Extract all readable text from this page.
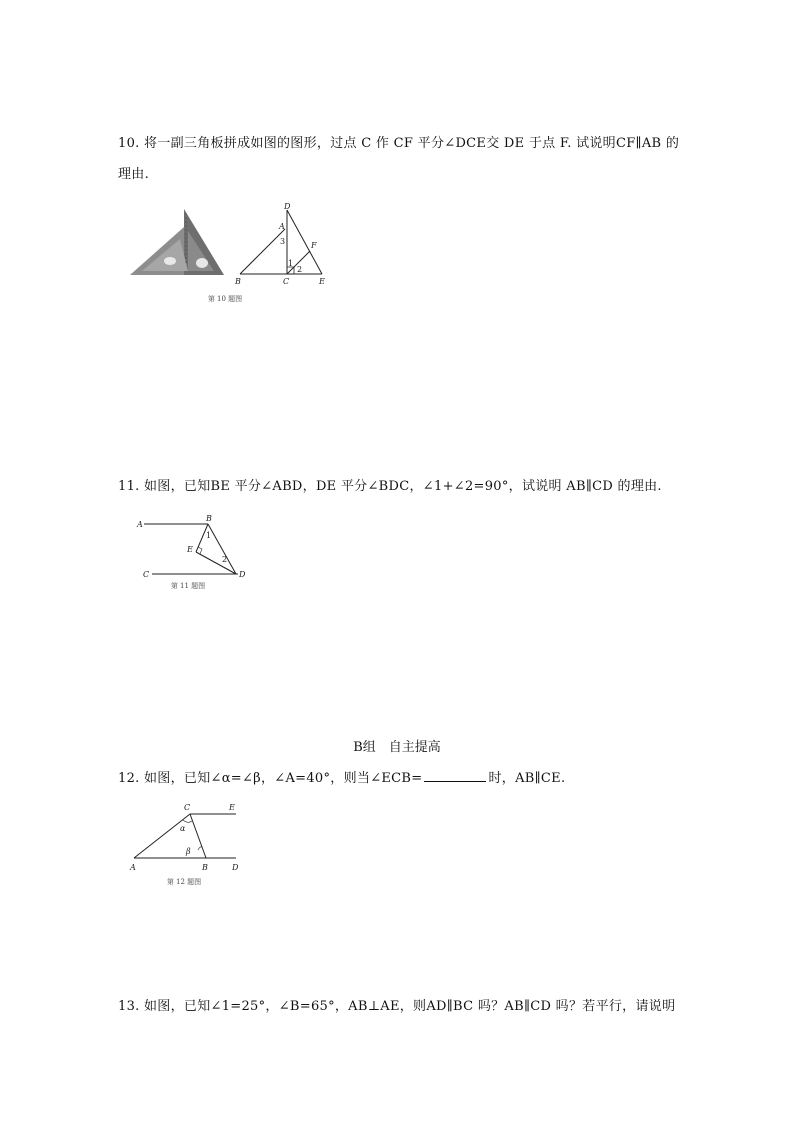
10. 将一副三角板拼成如图的图形，过点 C 作 CF 平分∠DCE交 DE 于点 F. 试说明CF∥AB 的
理由.
D
A
F
B	C	E
1
2
3
第 10 题图
11. 如图，已知BE 平分∠ABD，DE 平分∠BDC，∠1+∠2=90°，试说明 AB∥CD 的理由.
A
B
E
C	D
1
2
第 11 题图
B组　自主提高
12. 如图，已知∠α=∠β，∠A=40°，则当∠ECB=	时，AB∥CE.
C	E
A	B	D
α
β
第 12 题图
13. 如图，已知∠1=25°，∠B=65°，AB⊥AE，则AD∥BC 吗？AB∥CD 吗？若平行，请说明
